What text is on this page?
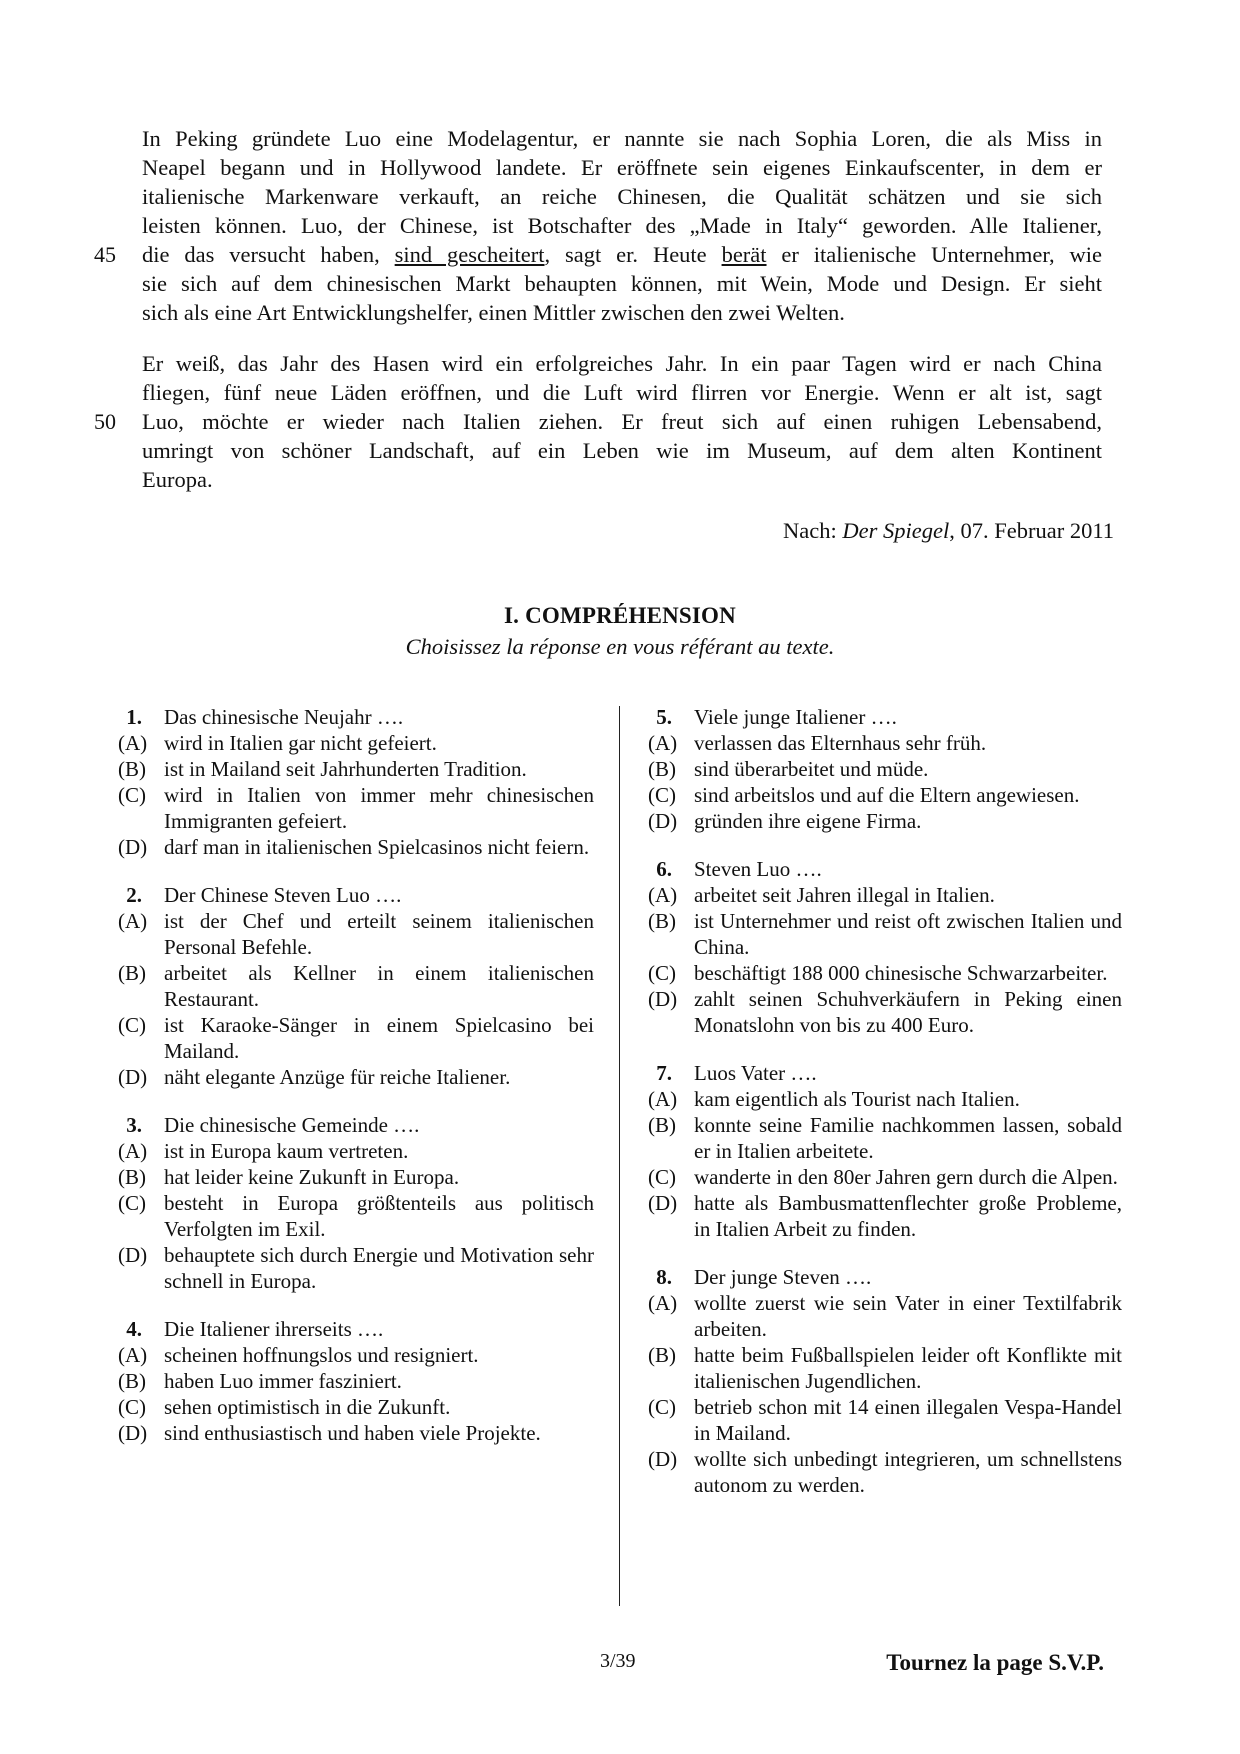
In Peking gründete Luo eine Modelagentur, er nannte sie nach Sophia Loren, die als Miss in
Neapel begann und in Hollywood landete. Er eröffnete sein eigenes Einkaufscenter, in dem er
italienische Markenware verkauft, an reiche Chinesen, die Qualität schätzen und sie sich
leisten können. Luo, der Chinese, ist Botschafter des „Made in Italy“ geworden. Alle Italiener,
45 die das versucht haben, sind gescheitert, sagt er. Heute berät er italienische Unternehmer, wie
sie sich auf dem chinesischen Markt behaupten können, mit Wein, Mode und Design. Er sieht
sich als eine Art Entwicklungshelfer, einen Mittler zwischen den zwei Welten.
Er weiß, das Jahr des Hasen wird ein erfolgreiches Jahr. In ein paar Tagen wird er nach China
fliegen, fünf neue Läden eröffnen, und die Luft wird flirren vor Energie. Wenn er alt ist, sagt
50 Luo, möchte er wieder nach Italien ziehen. Er freut sich auf einen ruhigen Lebensabend,
umringt von schöner Landschaft, auf ein Leben wie im Museum, auf dem alten Kontinent
Europa.
Nach: Der Spiegel, 07. Februar 2011
I. COMPRÉHENSION
Choisissez la réponse en vous référant au texte.
1.	Das chinesische Neujahr ….
(A) wird in Italien gar nicht gefeiert.
(B) ist in Mailand seit Jahrhunderten Tradition.
(C) wird in Italien von immer mehr chinesischen Immigranten gefeiert.
(D) darf man in italienischen Spielcasinos nicht feiern.
2.	Der Chinese Steven Luo ….
(A) ist der Chef und erteilt seinem italienischen Personal Befehle.
(B) arbeitet als Kellner in einem italienischen Restaurant.
(C) ist Karaoke-Sänger in einem Spielcasino bei Mailand.
(D) näht elegante Anzüge für reiche Italiener.
3.	Die chinesische Gemeinde ….
(A) ist in Europa kaum vertreten.
(B) hat leider keine Zukunft in Europa.
(C) besteht in Europa größtenteils aus politisch Verfolgten im Exil.
(D) behauptete sich durch Energie und Motivation sehr schnell in Europa.
4.	Die Italiener ihrerseits ….
(A) scheinen hoffnungslos und resigniert.
(B) haben Luo immer fasziniert.
(C) sehen optimistisch in die Zukunft.
(D) sind enthusiastisch und haben viele Projekte.
5.	Viele junge Italiener ….
(A) verlassen das Elternhaus sehr früh.
(B) sind überarbeitet und müde.
(C) sind arbeitslos und auf die Eltern angewiesen.
(D) gründen ihre eigene Firma.
6.	Steven Luo ….
(A) arbeitet seit Jahren illegal in Italien.
(B) ist Unternehmer und reist oft zwischen Italien und China.
(C) beschäftigt 188 000 chinesische Schwarzarbeiter.
(D) zahlt seinen Schuhverkäufern in Peking einen Monatslohn von bis zu 400 Euro.
7.	Luos Vater ….
(A) kam eigentlich als Tourist nach Italien.
(B) konnte seine Familie nachkommen lassen, sobald er in Italien arbeitete.
(C) wanderte in den 80er Jahren gern durch die Alpen.
(D) hatte als Bambusmattenflechter große Probleme, in Italien Arbeit zu finden.
8.	Der junge Steven ….
(A) wollte zuerst wie sein Vater in einer Textilfabrik arbeiten.
(B) hatte beim Fußballspielen leider oft Konflikte mit italienischen Jugendlichen.
(C) betrieb schon mit 14 einen illegalen Vespa-Handel in Mailand.
(D) wollte sich unbedingt integrieren, um schnellstens autonom zu werden.
3/39	Tournez la page S.V.P.
